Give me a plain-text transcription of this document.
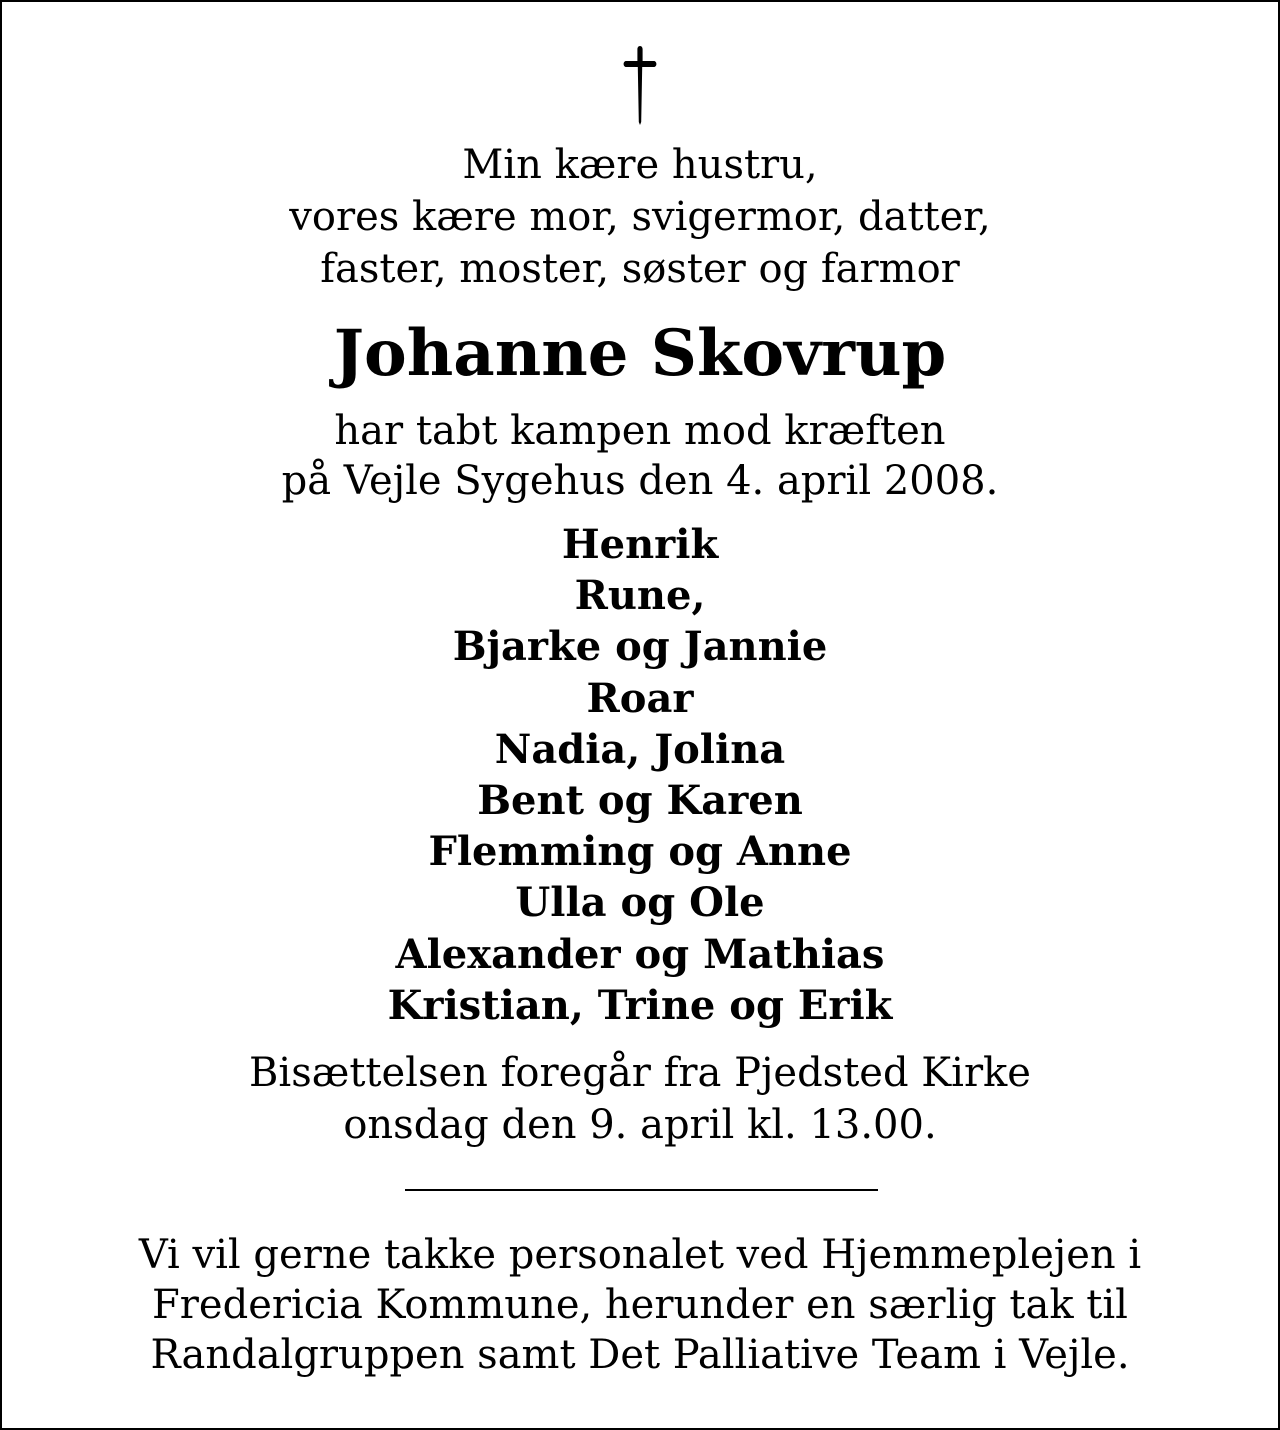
Min kære hustru,
vores kære mor, svigermor, datter,
faster, moster, søster og farmor
Johanne Skovrup
har tabt kampen mod kræften
på Vejle Sygehus den 4. april 2008.
Henrik
Rune,
Bjarke og Jannie
Roar
Nadia, Jolina
Bent og Karen
Flemming og Anne
Ulla og Ole
Alexander og Mathias
Kristian, Trine og Erik
Bisættelsen foregår fra Pjedsted Kirke
onsdag den 9. april kl. 13.00.
Vi vil gerne takke personalet ved Hjemmeplejen i
Fredericia Kommune, herunder en særlig tak til
Randalgruppen samt Det Palliative Team i Vejle.
